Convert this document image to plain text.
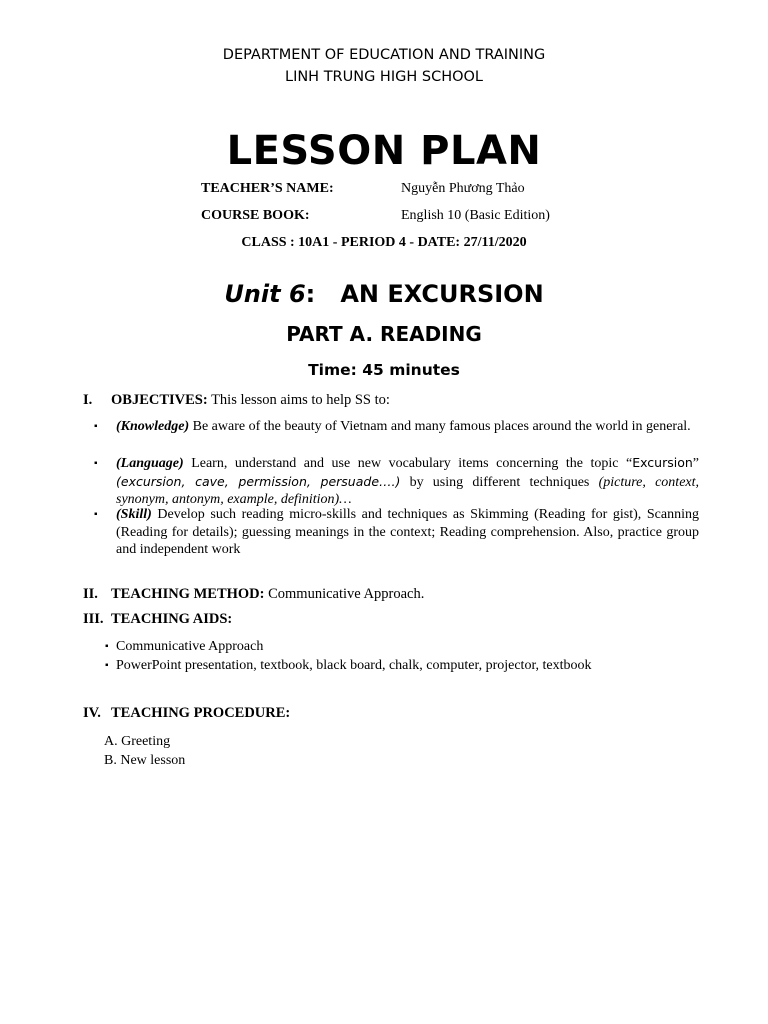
DEPARTMENT OF EDUCATION AND TRAINING
LINH TRUNG HIGH SCHOOL
LESSON PLAN
TEACHER’S NAME:	Nguyễn Phương Thảo
COURSE BOOK:	English 10 (Basic Edition)
CLASS : 10A1 - PERIOD 4 - DATE: 27/11/2020
Unit 6: AN EXCURSION
PART A. READING
Time: 45 minutes
I. OBJECTIVES: This lesson aims to help SS to:
▪ (Knowledge) Be aware of the beauty of Vietnam and many famous places around the world in general.
▪ (Language) Learn, understand and use new vocabulary items concerning the topic “Excursion” (excursion, cave, permission, persuade….) by using different techniques (picture, context, synonym, antonym, example, definition)…
▪ (Skill) Develop such reading micro-skills and techniques as Skimming (Reading for gist), Scanning (Reading for details); guessing meanings in the context; Reading comprehension. Also, practice group and independent work
II. TEACHING METHOD: Communicative Approach.
III. TEACHING AIDS:
▪ Communicative Approach
▪ PowerPoint presentation, textbook, black board, chalk, computer, projector, textbook
IV. TEACHING PROCEDURE:
A. Greeting
B. New lesson
